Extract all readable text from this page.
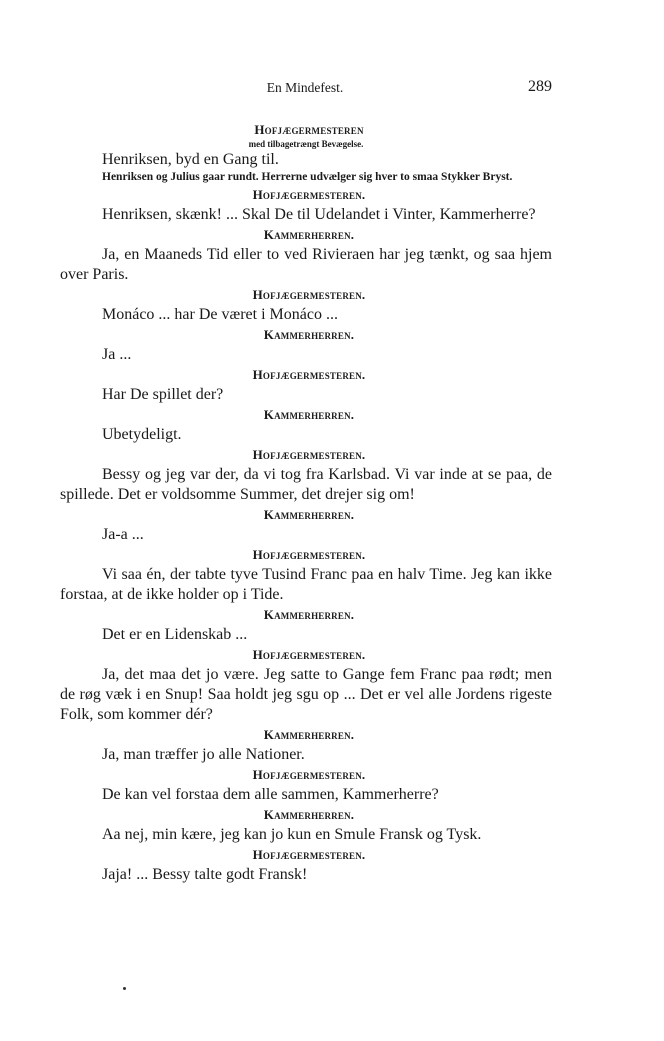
En Mindefest.	289
Hofjægermesteren
med tilbagetrængt Bevægelse.
Henriksen, byd en Gang til.
Henriksen og Julius gaar rundt. Herrerne udvælger sig hver to smaa Stykker Bryst.
Hofjægermesteren.
Henriksen, skænk! ... Skal De til Udelandet i Vinter, Kammerherre?
Kammerherren.
Ja, en Maaneds Tid eller to ved Rivieraen har jeg tænkt, og saa hjem over Paris.
Hofjægermesteren.
Monáco ... har De været i Monáco ...
Kammerherren.
Ja ...
Hofjægermesteren.
Har De spillet der?
Kammerherren.
Ubetydeligt.
Hofjægermesteren.
Bessy og jeg var der, da vi tog fra Karlsbad. Vi var inde at se paa, de spillede. Det er voldsomme Summer, det drejer sig om!
Kammerherren.
Ja-a ...
Hofjægermesteren.
Vi saa én, der tabte tyve Tusind Franc paa en halv Time. Jeg kan ikke forstaa, at de ikke holder op i Tide.
Kammerherren.
Det er en Lidenskab ...
Hofjægermesteren.
Ja, det maa det jo være. Jeg satte to Gange fem Franc paa rødt; men de røg væk i en Snup! Saa holdt jeg sgu op ... Det er vel alle Jordens rigeste Folk, som kommer dér?
Kammerherren.
Ja, man træffer jo alle Nationer.
Hofjægermesteren.
De kan vel forstaa dem alle sammen, Kammerherre?
Kammerherren.
Aa nej, min kære, jeg kan jo kun en Smule Fransk og Tysk.
Hofjægermesteren.
Jaja! ... Bessy talte godt Fransk!
